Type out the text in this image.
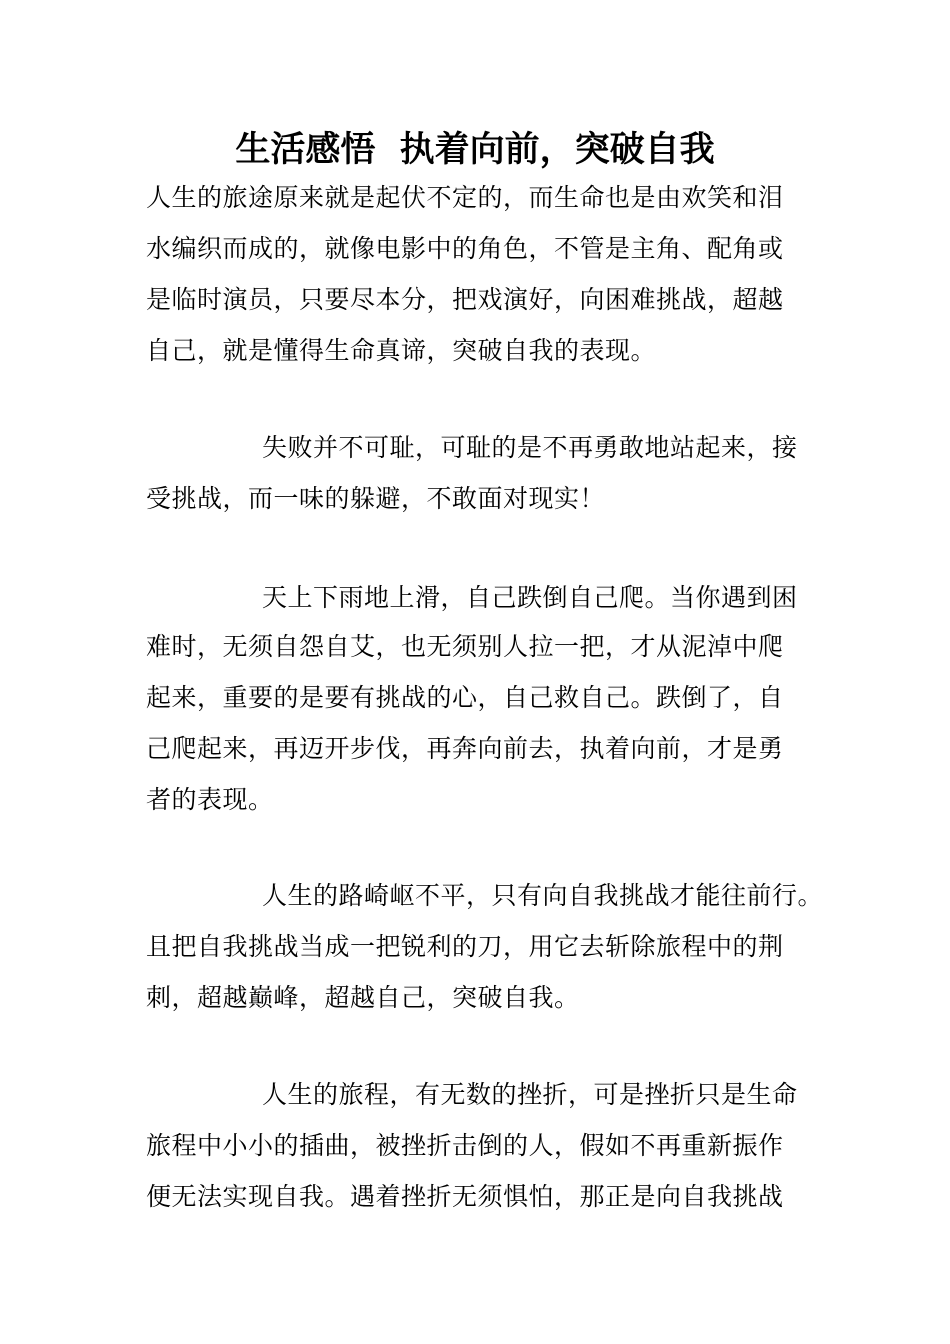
生活感悟  执着向前，突破自我
人生的旅途原来就是起伏不定的，而生命也是由欢笑和泪
水编织而成的，就像电影中的角色，不管是主角、配角或
是临时演员，只要尽本分，把戏演好，向困难挑战，超越
自己，就是懂得生命真谛，突破自我的表现。
失败并不可耻，可耻的是不再勇敢地站起来，接
受挑战，而一味的躲避，不敢面对现实！
天上下雨地上滑，自己跌倒自己爬。当你遇到困
难时，无须自怨自艾，也无须别人拉一把，才从泥淖中爬
起来，重要的是要有挑战的心，自己救自己。跌倒了，自
己爬起来，再迈开步伐，再奔向前去，执着向前，才是勇
者的表现。
人生的路崎岖不平，只有向自我挑战才能往前行。
且把自我挑战当成一把锐利的刀，用它去斩除旅程中的荆
刺，超越巅峰，超越自己，突破自我。
人生的旅程，有无数的挫折，可是挫折只是生命
旅程中小小的插曲，被挫折击倒的人，假如不再重新振作
便无法实现自我。遇着挫折无须惧怕，那正是向自我挑战
